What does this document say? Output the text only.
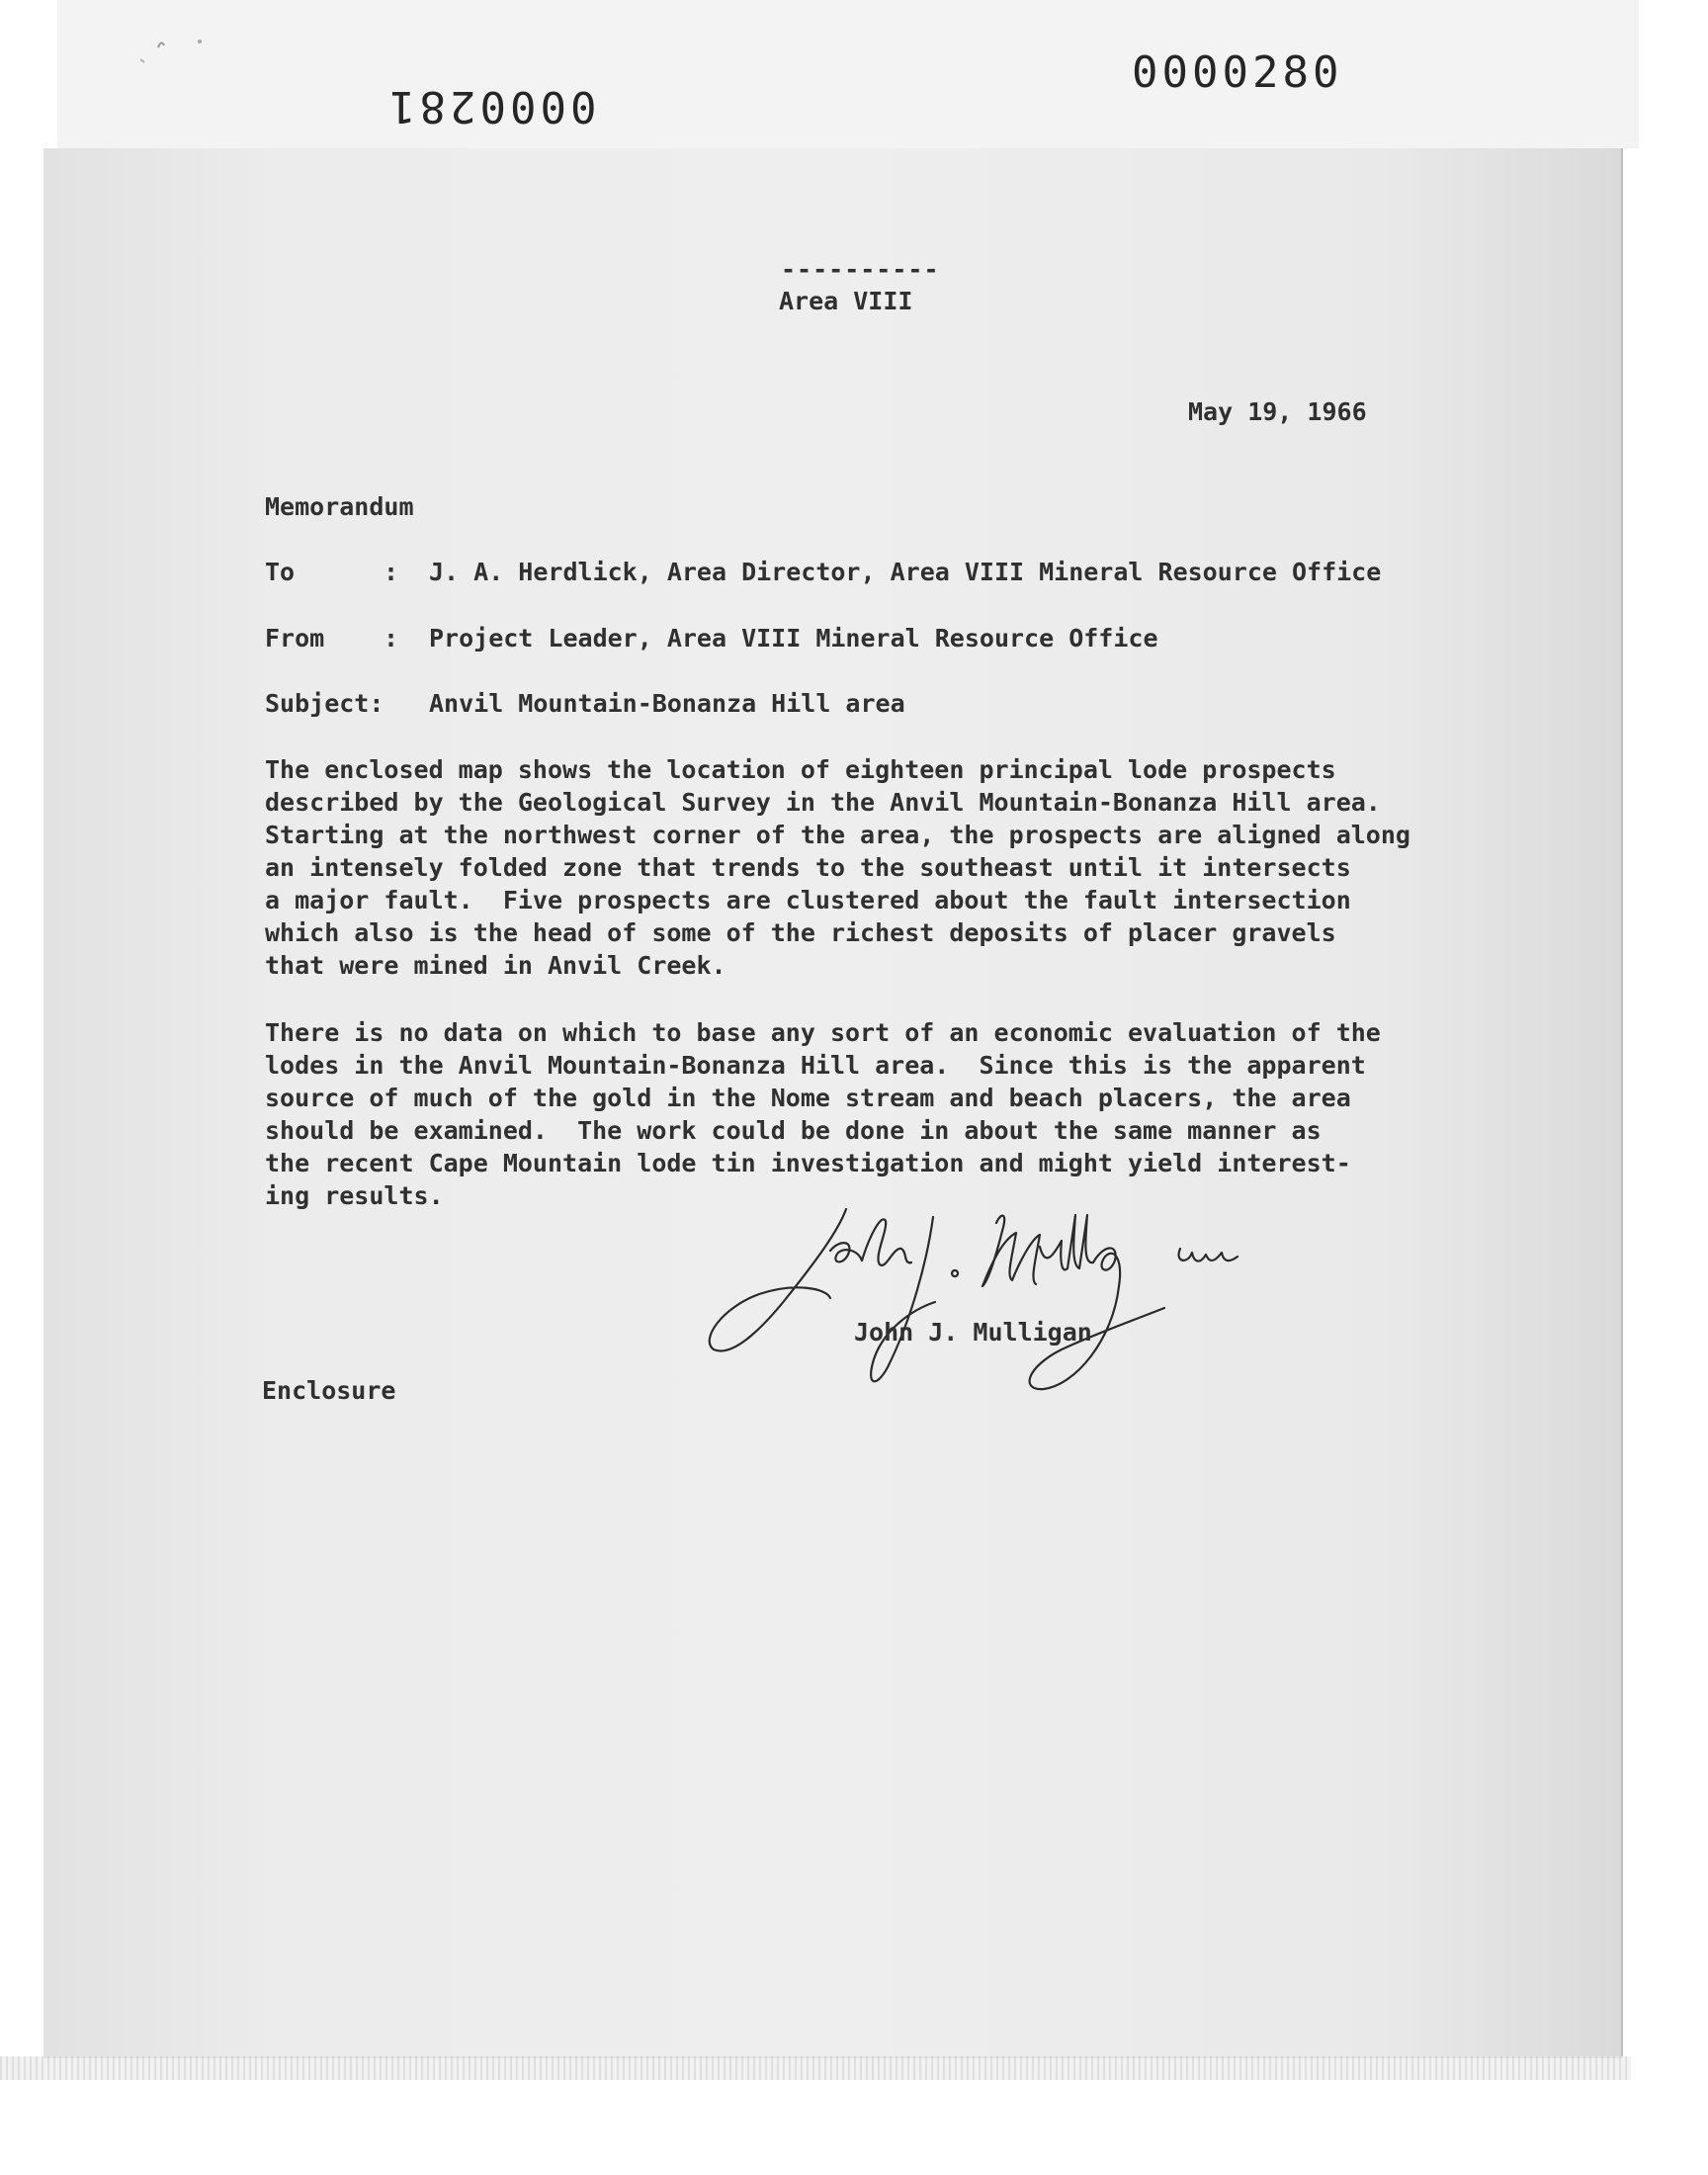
0000281
0000280
----------
Area VIII
May 19, 1966
Memorandum
To	: J. A. Herdlick, Area Director, Area VIII Mineral Resource Office
From : Project Leader, Area VIII Mineral Resource Office
Subject: Anvil Mountain-Bonanza Hill area
The enclosed map shows the location of eighteen principal lode prospects
described by the Geological Survey in the Anvil Mountain-Bonanza Hill area.
Starting at the northwest corner of the area, the prospects are aligned along
an intensely folded zone that trends to the southeast until it intersects
a major fault.  Five prospects are clustered about the fault intersection
which also is the head of some of the richest deposits of placer gravels
that were mined in Anvil Creek.
There is no data on which to base any sort of an economic evaluation of the
lodes in the Anvil Mountain-Bonanza Hill area.  Since this is the apparent
source of much of the gold in the Nome stream and beach placers, the area
should be examined.  The work could be done in about the same manner as
the recent Cape Mountain lode tin investigation and might yield interest-
ing results.
John J. Mulligan
Enclosure
